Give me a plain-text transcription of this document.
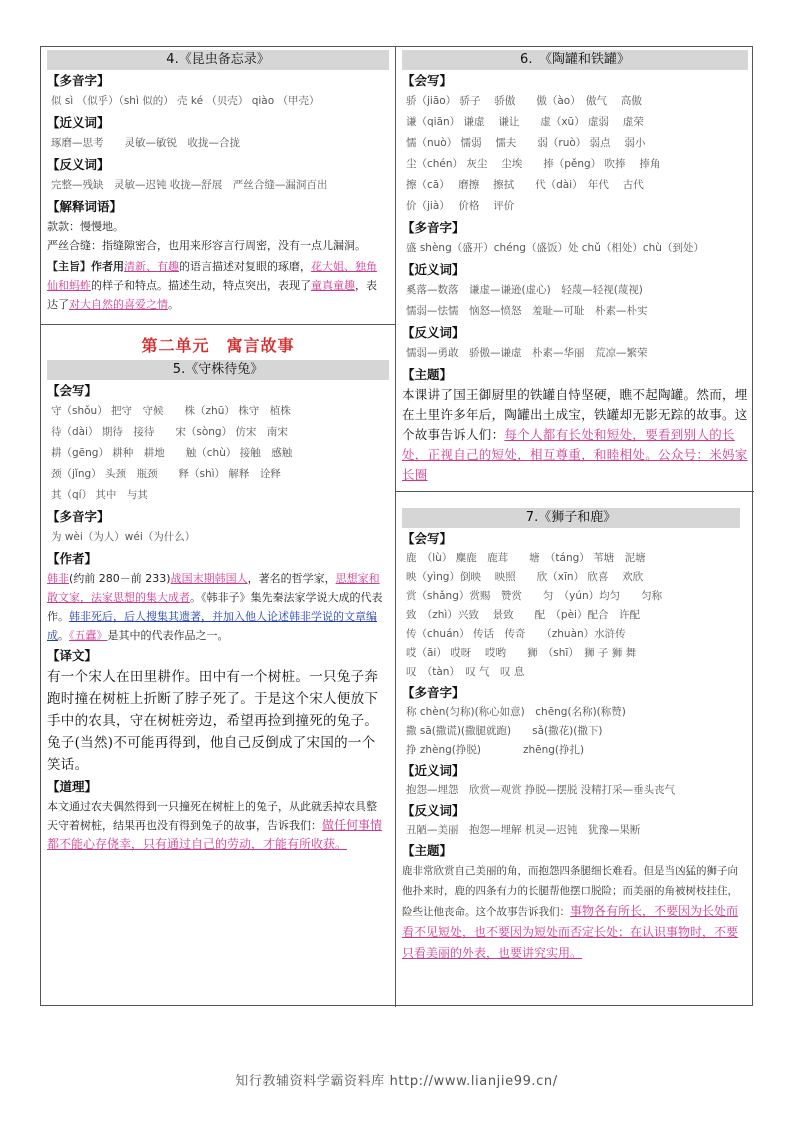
4.《昆虫备忘录》
【多音字】
似 sì （似乎）（shì 似的） 壳 ké （贝壳） qiào （甲壳）
【近义词】
琢磨—思考　　灵敏—敏锐　收拢—合拢
【反义词】
完整—残缺　灵敏—迟钝 收拢—舒展　严丝合缝—漏洞百出
【解释词语】
款款：慢慢地。
严丝合缝：指缝隙密合，也用来形容言行周密，没有一点儿漏洞。
【主旨】作者用清新、有趣的语言描述对复眼的琢磨，花大姐、独角仙和蚂蚱的样子和特点。描述生动，特点突出，表现了童真童趣，表达了对大自然的喜爱之情。
第二单元　寓言故事
5.《守株待兔》
【会写】
守（shǒu） 把守　守候　　株（zhū） 株守　植株
待（dài） 期待　接待　　宋（sòng） 仿宋　南宋
耕（gēng） 耕种　耕地　　触（chù） 接触　感触
颈（jǐng） 头颈　瓶颈　　释（shì） 解释　诠释
其（qí） 其中　与其
【多音字】
为 wèi（为人）wéi（为什么）
【作者】
韩非(约前 280－前 233)战国末期韩国人，著名的哲学家，思想家和散文家，法家思想的集大成者。《韩非子》集先秦法家学说大成的代表作。韩非死后，后人搜集其遗著，并加入他人论述韩非学说的文章编成。《五蠹》是其中的代表作品之一。
【译文】
有一个宋人在田里耕作。田中有一个树桩。一只兔子奔跑时撞在树桩上折断了脖子死了。于是这个宋人便放下手中的农具，守在树桩旁边，希望再捡到撞死的兔子。兔子(当然)不可能再得到，他自己反倒成了宋国的一个笑话。
【道理】
本文通过农夫偶然得到一只撞死在树桩上的兔子，从此就丢掉农具整天守着树桩，结果再也没有得到兔子的故事，告诉我们：做任何事情都不能心存侥幸，只有通过自己的劳动，才能有所收获。
6.　《陶罐和铁罐》
【会写】
骄（jiāo） 骄子　 骄傲　　傲（ào）　傲气　 高傲
谦（qiān） 谦虚　 谦让　　虚（xū） 虚弱　 虚荣
懦（nuò） 懦弱　 懦夫　　弱（ruò） 弱点　 弱小
尘（chén） 灰尘　 尘埃　　捧（pěng） 吹捧　 捧角
擦（cā）　 磨擦　 擦拭　　代（dài）　年代　 古代
价（jià）　 价格　 评价
【多音字】
盛 shèng（盛开）chéng（盛饭）处 chǔ（相处）chù（到处）
【近义词】
奚落—数落　谦虚—谦逊(虚心)　轻蔑—轻视(蔑视)
懦弱—怯懦　恼怒—愤怒　羞耻—可耻　朴素—朴实
【反义词】
懦弱—勇敢　骄傲—谦虚　朴素—华丽　荒凉—繁荣
【主题】
本课讲了国王御厨里的铁罐自恃坚硬，瞧不起陶罐。然而，埋在土里许多年后，陶罐出土成宝，铁罐却无影无踪的故事。这个故事告诉人们：每个人都有长处和短处，要看到别人的长处，正视自己的短处，相互尊重，和睦相处。公众号：米妈家长圈
7.《狮子和鹿》
【会写】
鹿　（lù） 麋鹿　鹿茸　　塘　（táng） 苇塘　泥塘
映（yìng）倒映　 映照　　欣（xīn） 欣喜　 欢欣
赏（shǎng）赏赐　赞赏　　匀　（yún）均匀　　匀称
致　（zhì）兴致　 景致　　配　（pèi）配合　许配
传（chuán） 传话　传奇　　（zhuàn）水浒传
哎（āi） 哎呀　 哎哟　　狮　（shī）　狮 子 狮 舞
叹　（tàn）　叹 气　叹 息
【多音字】
称 chèn(匀称)(称心如意)　chēng(名称)(称赞)
撒 sā(撒谎)(撒腿就跑)　　sǎ(撒花)(撒下)
挣 zhèng(挣脱)　　　　zhēng(挣扎)
【近义词】
抱怨—埋怨　欣赏—观赏 挣脱—摆脱 没精打采—垂头丧气
【反义词】
丑陋—美丽　抱怨—埋解 机灵—迟钝　犹豫—果断
【主题】
鹿非常欣赏自己美丽的角，而抱怨四条腿细长难看。但是当凶猛的狮子向他扑来时，鹿的四条有力的长腿帮他摆口脱险；而美丽的角被树枝挂住，险些让他丧命。这个故事告诉我们：事物各有所长，不要因为长处而看不见短处，也不要因为短处而否定长处；在认识事物时，不要只看美丽的外表，也要讲究实用。
知行教辅资料学霸资料库 http://www.lianjie99.cn/
